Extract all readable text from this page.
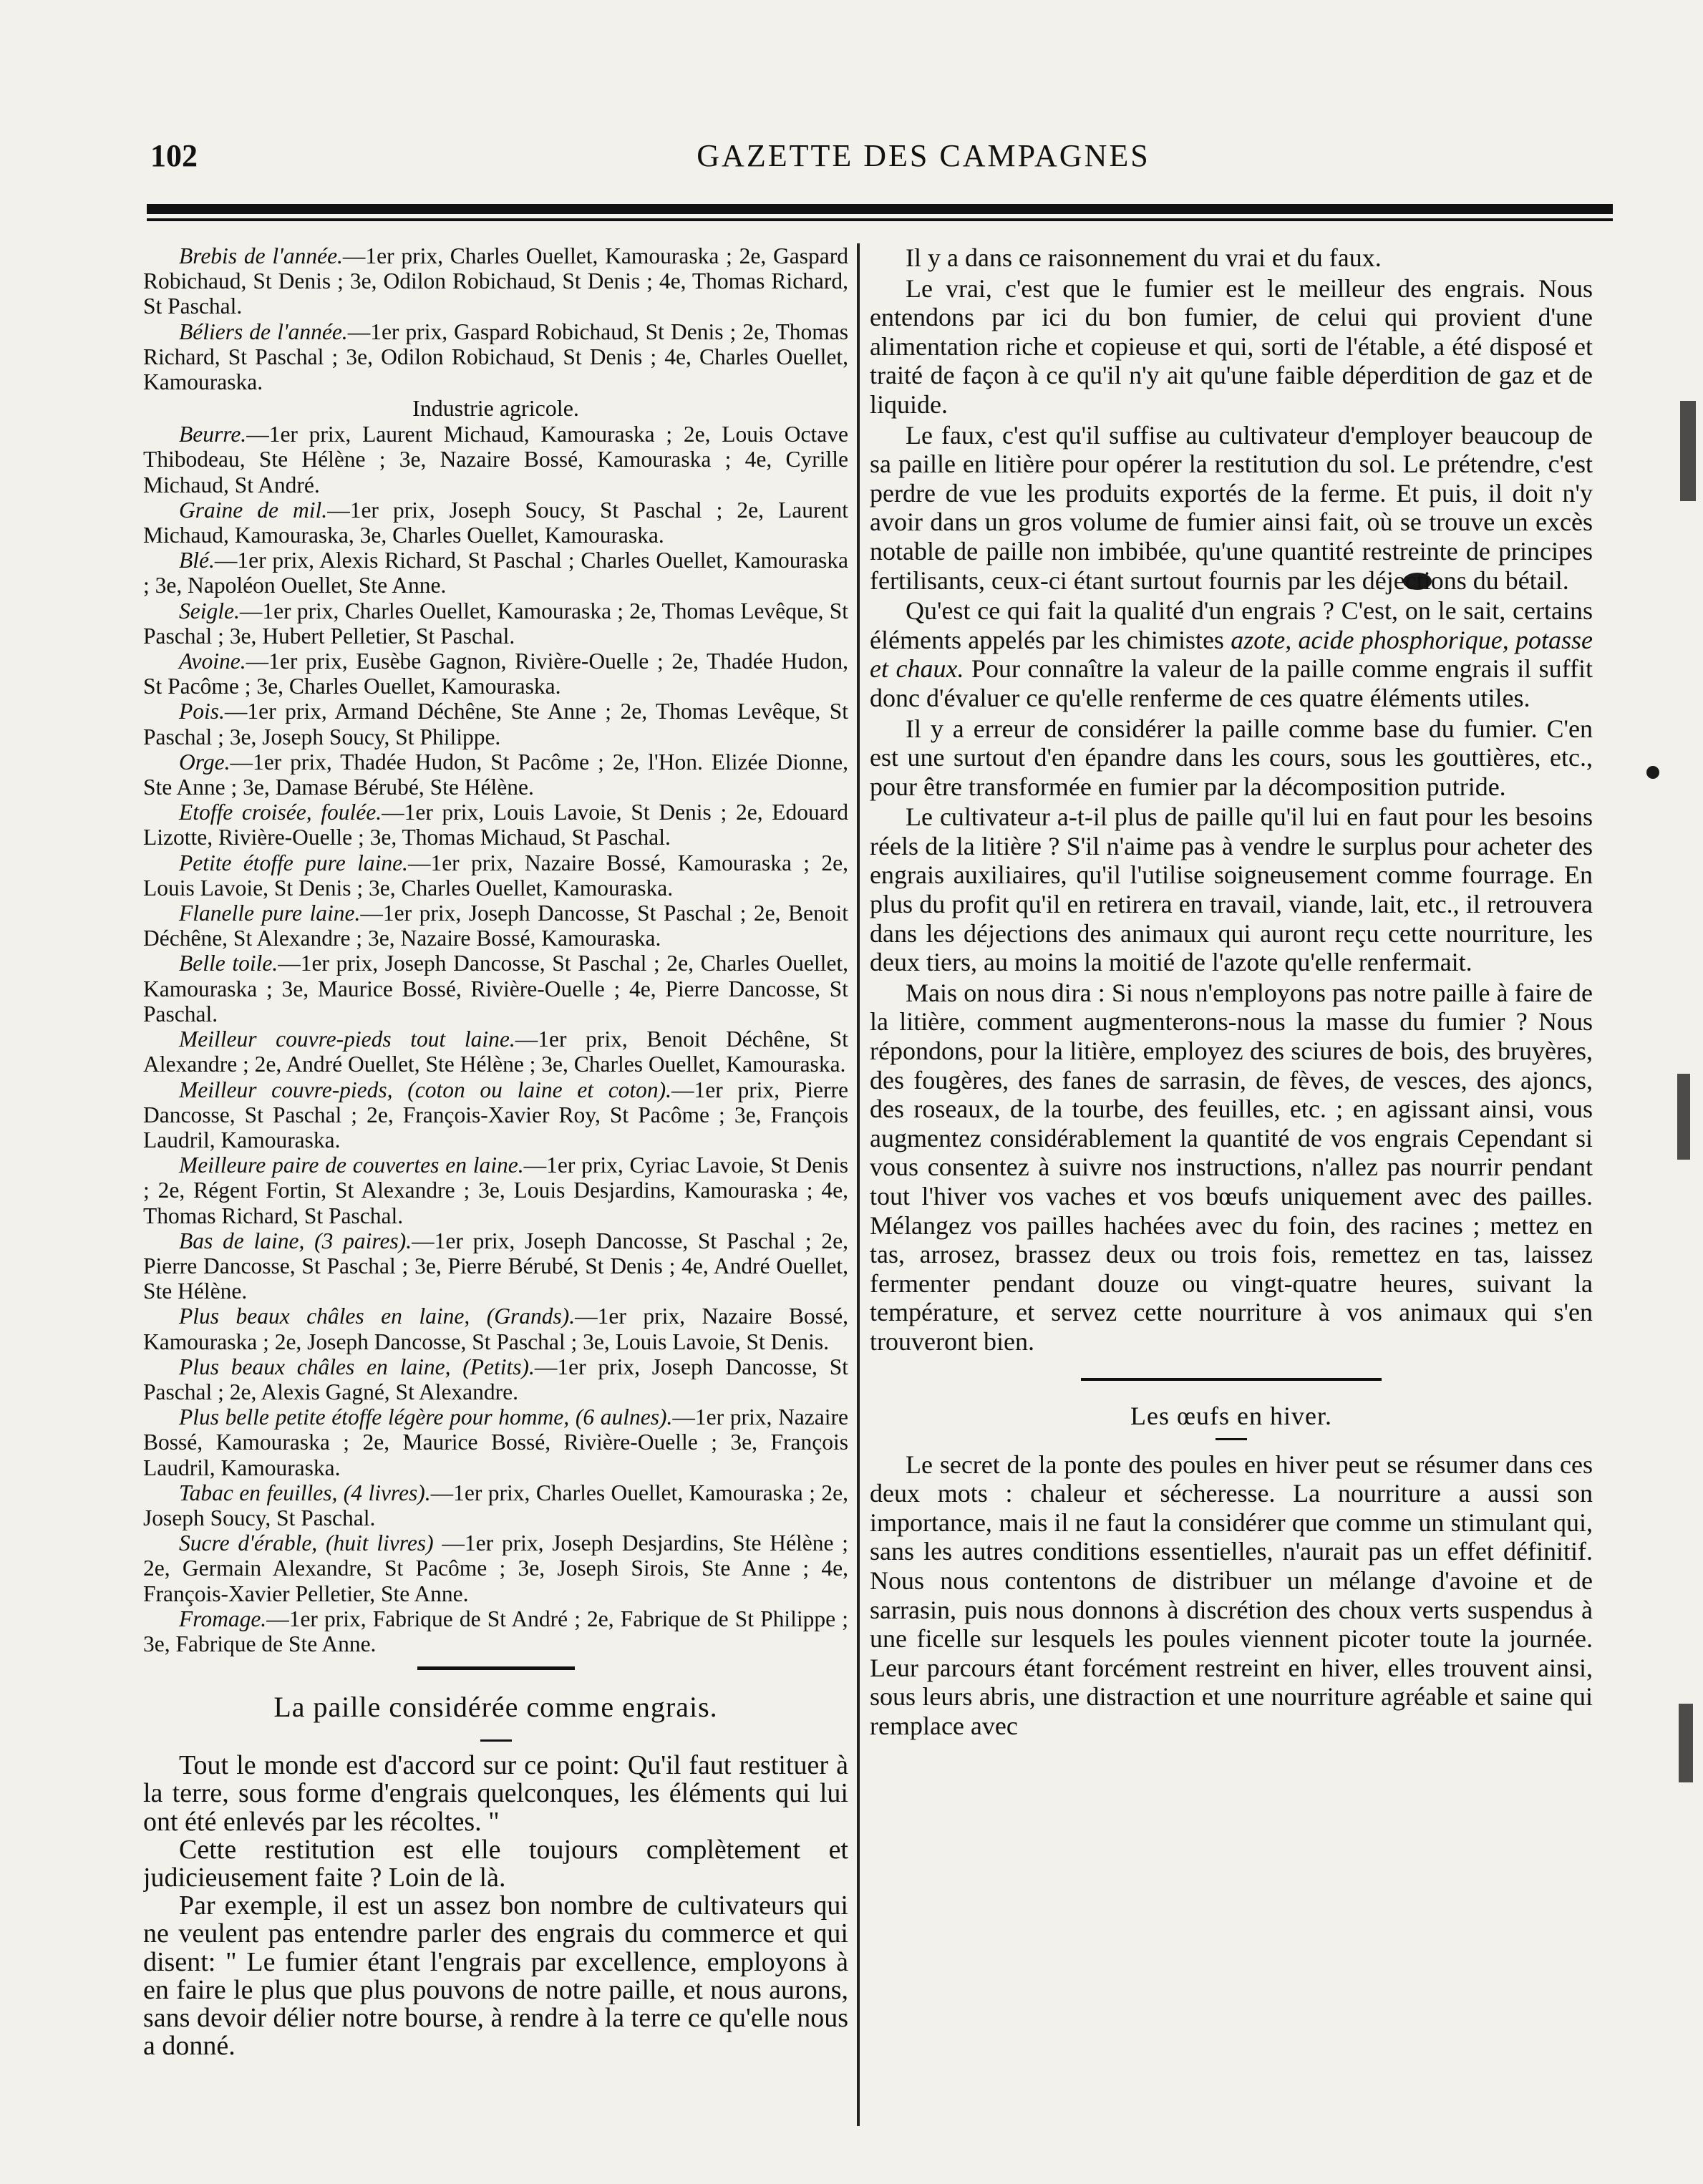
102	GAZETTE DES CAMPAGNES

Brebis de l'année.—1er prix, Charles Ouellet, Kamouraska ; 2e, Gaspard Robichaud, St Denis ; 3e, Odilon Robichaud, St Denis ; 4e, Thomas Richard, St Paschal.

Béliers de l'année.—1er prix, Gaspard Robichaud, St Denis ; 2e, Thomas Richard, St Paschal ; 3e, Odilon Robichaud, St Denis ; 4e, Charles Ouellet, Kamouraska.

Industrie agricole.

Beurre.—1er prix, Laurent Michaud, Kamouraska ; 2e, Louis Octave Thibodeau, Ste Hélène ; 3e, Nazaire Bossé, Kamouraska ; 4e, Cyrille Michaud, St André.

Graine de mil.—1er prix, Joseph Soucy, St Paschal ; 2e, Laurent Michaud, Kamouraska, 3e, Charles Ouellet, Kamouraska.

Blé.—1er prix, Alexis Richard, St Paschal ; Charles Ouellet, Kamouraska ; 3e, Napoléon Ouellet, Ste Anne.

Seigle.—1er prix, Charles Ouellet, Kamouraska ; 2e, Thomas Levêque, St Paschal ; 3e, Hubert Pelletier, St Paschal.

Avoine.—1er prix, Eusèbe Gagnon, Rivière-Ouelle ; 2e, Thadée Hudon, St Pacôme ; 3e, Charles Ouellet, Kamouraska.

Pois.—1er prix, Armand Déchêne, Ste Anne ; 2e, Thomas Levêque, St Paschal ; 3e, Joseph Soucy, St Philippe.

Orge.—1er prix, Thadée Hudon, St Pacôme ; 2e, l'Hon. Elizée Dionne, Ste Anne ; 3e, Damase Bérubé, Ste Hélène.

Etoffe croisée, foulée.—1er prix, Louis Lavoie, St Denis ; 2e, Edouard Lizotte, Rivière-Ouelle ; 3e, Thomas Michaud, St Paschal.

Petite étoffe pure laine.—1er prix, Nazaire Bossé, Kamouraska ; 2e, Louis Lavoie, St Denis ; 3e, Charles Ouellet, Kamouraska.

Flanelle pure laine.—1er prix, Joseph Dancosse, St Paschal ; 2e, Benoit Déchêne, St Alexandre ; 3e, Nazaire Bossé, Kamouraska.

Belle toile.—1er prix, Joseph Dancosse, St Paschal ; 2e, Charles Ouellet, Kamouraska ; 3e, Maurice Bossé, Rivière-Ouelle ; 4e, Pierre Dancosse, St Paschal.

Meilleur couvre-pieds tout laine.—1er prix, Benoit Déchêne, St Alexandre ; 2e, André Ouellet, Ste Hélène ; 3e, Charles Ouellet, Kamouraska.

Meilleur couvre-pieds, (coton ou laine et coton).—1er prix, Pierre Dancosse, St Paschal ; 2e, François-Xavier Roy, St Pacôme ; 3e, François Laudril, Kamouraska.

Meilleure paire de couvertes en laine.—1er prix, Cyriac Lavoie, St Denis ; 2e, Régent Fortin, St Alexandre ; 3e, Louis Desjardins, Kamouraska ; 4e, Thomas Richard, St Paschal.

Bas de laine, (3 paires).—1er prix, Joseph Dancosse, St Paschal ; 2e, Pierre Dancosse, St Paschal ; 3e, Pierre Bérubé, St Denis ; 4e, André Ouellet, Ste Hélène.

Plus beaux châles en laine, (Grands).—1er prix, Nazaire Bossé, Kamouraska ; 2e, Joseph Dancosse, St Paschal ; 3e, Louis Lavoie, St Denis.

Plus beaux châles en laine, (Petits).—1er prix, Joseph Dancosse, St Paschal ; 2e, Alexis Gagné, St Alexandre.

Plus belle petite étoffe légère pour homme, (6 aulnes).—1er prix, Nazaire Bossé, Kamouraska ; 2e, Maurice Bossé, Rivière-Ouelle ; 3e, François Laudril, Kamouraska.

Tabac en feuilles, (4 livres).—1er prix, Charles Ouellet, Kamouraska ; 2e, Joseph Soucy, St Paschal.

Sucre d'érable, (huit livres) —1er prix, Joseph Desjardins, Ste Hélène ; 2e, Germain Alexandre, St Pacôme ; 3e, Joseph Sirois, Ste Anne ; 4e, François-Xavier Pelletier, Ste Anne.

Fromage.—1er prix, Fabrique de St André ; 2e, Fabrique de St Philippe ; 3e, Fabrique de Ste Anne.

La paille considérée comme engrais.

Tout le monde est d'accord sur ce point: Qu'il faut restituer à la terre, sous forme d'engrais quelconques, les éléments qui lui ont été enlevés par les récoltes. "

Cette restitution est elle toujours complètement et judicieusement faite ? Loin de là.

Par exemple, il est un assez bon nombre de cultivateurs qui ne veulent pas entendre parler des engrais du commerce et qui disent: " Le fumier étant l'engrais par excellence, employons à en faire le plus que plus pouvons de notre paille, et nous aurons, sans devoir délier notre bourse, à rendre à la terre ce qu'elle nous a donné.

Il y a dans ce raisonnement du vrai et du faux.

Le vrai, c'est que le fumier est le meilleur des engrais. Nous entendons par ici du bon fumier, de celui qui provient d'une alimentation riche et copieuse et qui, sorti de l'étable, a été disposé et traité de façon à ce qu'il n'y ait qu'une faible déperdition de gaz et de liquide.

Le faux, c'est qu'il suffise au cultivateur d'employer beaucoup de sa paille en litière pour opérer la restitution du sol. Le prétendre, c'est perdre de vue les produits exportés de la ferme. Et puis, il doit n'y avoir dans un gros volume de fumier ainsi fait, où se trouve un excès notable de paille non imbibée, qu'une quantité restreinte de principes fertilisants, ceux-ci étant surtout fournis par les déjections du bétail.

Qu'est ce qui fait la qualité d'un engrais ? C'est, on le sait, certains éléments appelés par les chimistes azote, acide phosphorique, potasse et chaux. Pour connaître la valeur de la paille comme engrais il suffit donc d'évaluer ce qu'elle renferme de ces quatre éléments utiles.

Il y a erreur de considérer la paille comme base du fumier. C'en est une surtout d'en épandre dans les cours, sous les gouttières, etc., pour être transformée en fumier par la décomposition putride.

Le cultivateur a-t-il plus de paille qu'il lui en faut pour les besoins réels de la litière ? S'il n'aime pas à vendre le surplus pour acheter des engrais auxiliaires, qu'il l'utilise soigneusement comme fourrage. En plus du profit qu'il en retirera en travail, viande, lait, etc., il retrouvera dans les déjections des animaux qui auront reçu cette nourriture, les deux tiers, au moins la moitié de l'azote qu'elle renfermait.

Mais on nous dira : Si nous n'employons pas notre paille à faire de la litière, comment augmenterons-nous la masse du fumier ? Nous répondons, pour la litière, employez des sciures de bois, des bruyères, des fougères, des fanes de sarrasin, de fèves, de vesces, des ajoncs, des roseaux, de la tourbe, des feuilles, etc. ; en agissant ainsi, vous augmentez considérablement la quantité de vos engrais Cependant si vous consentez à suivre nos instructions, n'allez pas nourrir pendant tout l'hiver vos vaches et vos bœufs uniquement avec des pailles. Mélangez vos pailles hachées avec du foin, des racines ; mettez en tas, arrosez, brassez deux ou trois fois, remettez en tas, laissez fermenter pendant douze ou vingt-quatre heures, suivant la température, et servez cette nourriture à vos animaux qui s'en trouveront bien.

Les œufs en hiver.

Le secret de la ponte des poules en hiver peut se résumer dans ces deux mots : chaleur et sécheresse. La nourriture a aussi son importance, mais il ne faut la considérer que comme un stimulant qui, sans les autres conditions essentielles, n'aurait pas un effet définitif. Nous nous contentons de distribuer un mélange d'avoine et de sarrasin, puis nous donnons à discrétion des choux verts suspendus à une ficelle sur lesquels les poules viennent picoter toute la journée. Leur parcours étant forcément restreint en hiver, elles trouvent ainsi, sous leurs abris, une distraction et une nourriture agréable et saine qui remplace avec
